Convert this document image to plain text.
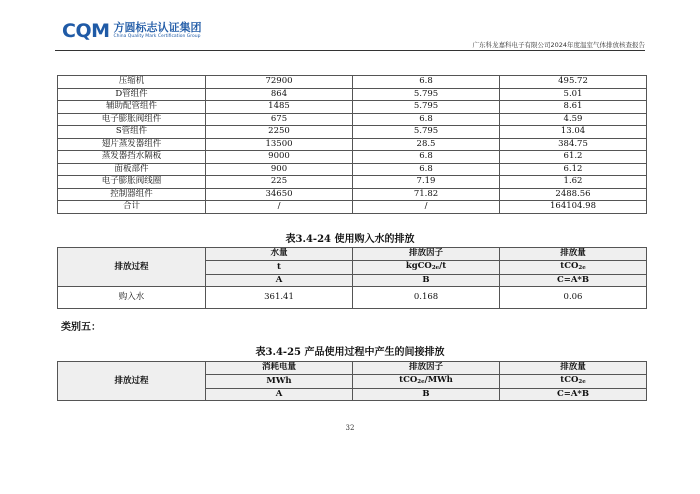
CQM 方圆标志认证集团
China Quality Mark Certification Group
广东科龙嘉科电子有限公司2024年度温室气体排放核查报告
压缩机	72900	6.8	495.72
D管组件	864	5.795	5.01
辅助配管组件	1485	5.795	8.61
电子膨胀阀组件	675	6.8	4.59
S管组件	2250	5.795	13.04
翅片蒸发器组件	13500	28.5	384.75
蒸发器挡水隔板	9000	6.8	61.2
面板部件	900	6.8	6.12
电子膨胀阀线圈	225	7.19	1.62
控制器组件	34650	71.82	2488.56
合计	/	/	164104.98
表3.4-24 使用购入水的排放
排放过程	水量	排放因子	排放量
	t	kgCO2e/t	tCO2e
	A	B	C=A*B
购入水	361.41	0.168	0.06
类别五：
表3.4-25 产品使用过程中产生的间接排放
排放过程	消耗电量	排放因子	排放量
	MWh	tCO2e/MWh	tCO2e
	A	B	C=A*B
32
